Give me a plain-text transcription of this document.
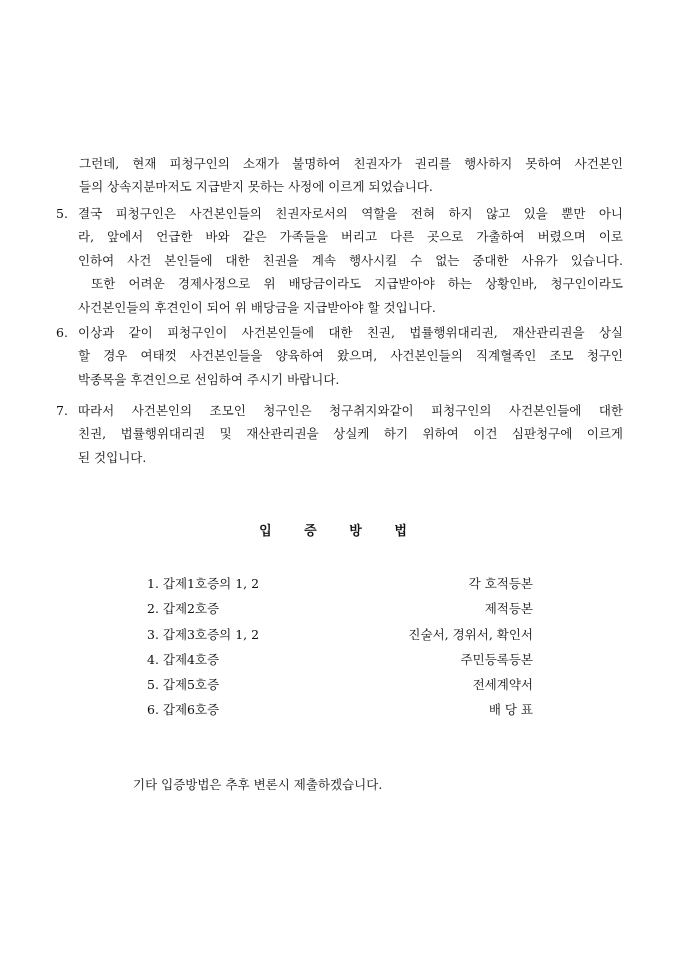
그런데, 현재 피청구인의 소재가 불명하여 친권자가 권리를 행사하지 못하여 사건본인
들의 상속지분마저도 지급받지 못하는 사정에 이르게 되었습니다.
5. 결국 피청구인은 사건본인들의 친권자로서의 역할을 전혀 하지 않고 있을 뿐만 아니
라, 앞에서 언급한 바와 같은 가족들을 버리고 다른 곳으로 가출하여 버렸으며 이로
인하여 사건 본인들에 대한 친권을 계속 행사시킬 수 없는 중대한 사유가 있습니다.
또한 어려운 경제사정으로 위 배당금이라도 지급받아야 하는 상황인바, 청구인이라도
사건본인들의 후견인이 되어 위 배당금을 지급받아야 할 것입니다.
6. 이상과 같이 피청구인이 사건본인들에 대한 친권, 법률행위대리권, 재산관리권을 상실
할 경우 여태껏 사건본인들을 양육하여 왔으며, 사건본인들의 직계혈족인 조모 청구인
박종목을 후견인으로 선임하여 주시기 바랍니다.
7. 따라서 사건본인의 조모인 청구인은 청구취지와같이 피청구인의 사건본인들에 대한
친권, 법률행위대리권 및 재산관리권을 상실케 하기 위하여 이건 심판청구에 이르게
된 것입니다.
입 증 방 법
1. 갑제1호증의 1, 2	각 호적등본
2. 갑제2호증	제적등본
3. 갑제3호증의 1, 2	진술서, 경위서, 확인서
4. 갑제4호증	주민등록등본
5. 갑제5호증	전세계약서
6. 갑제6호증	배 당 표
기타 입증방법은 추후 변론시 제출하겠습니다.
